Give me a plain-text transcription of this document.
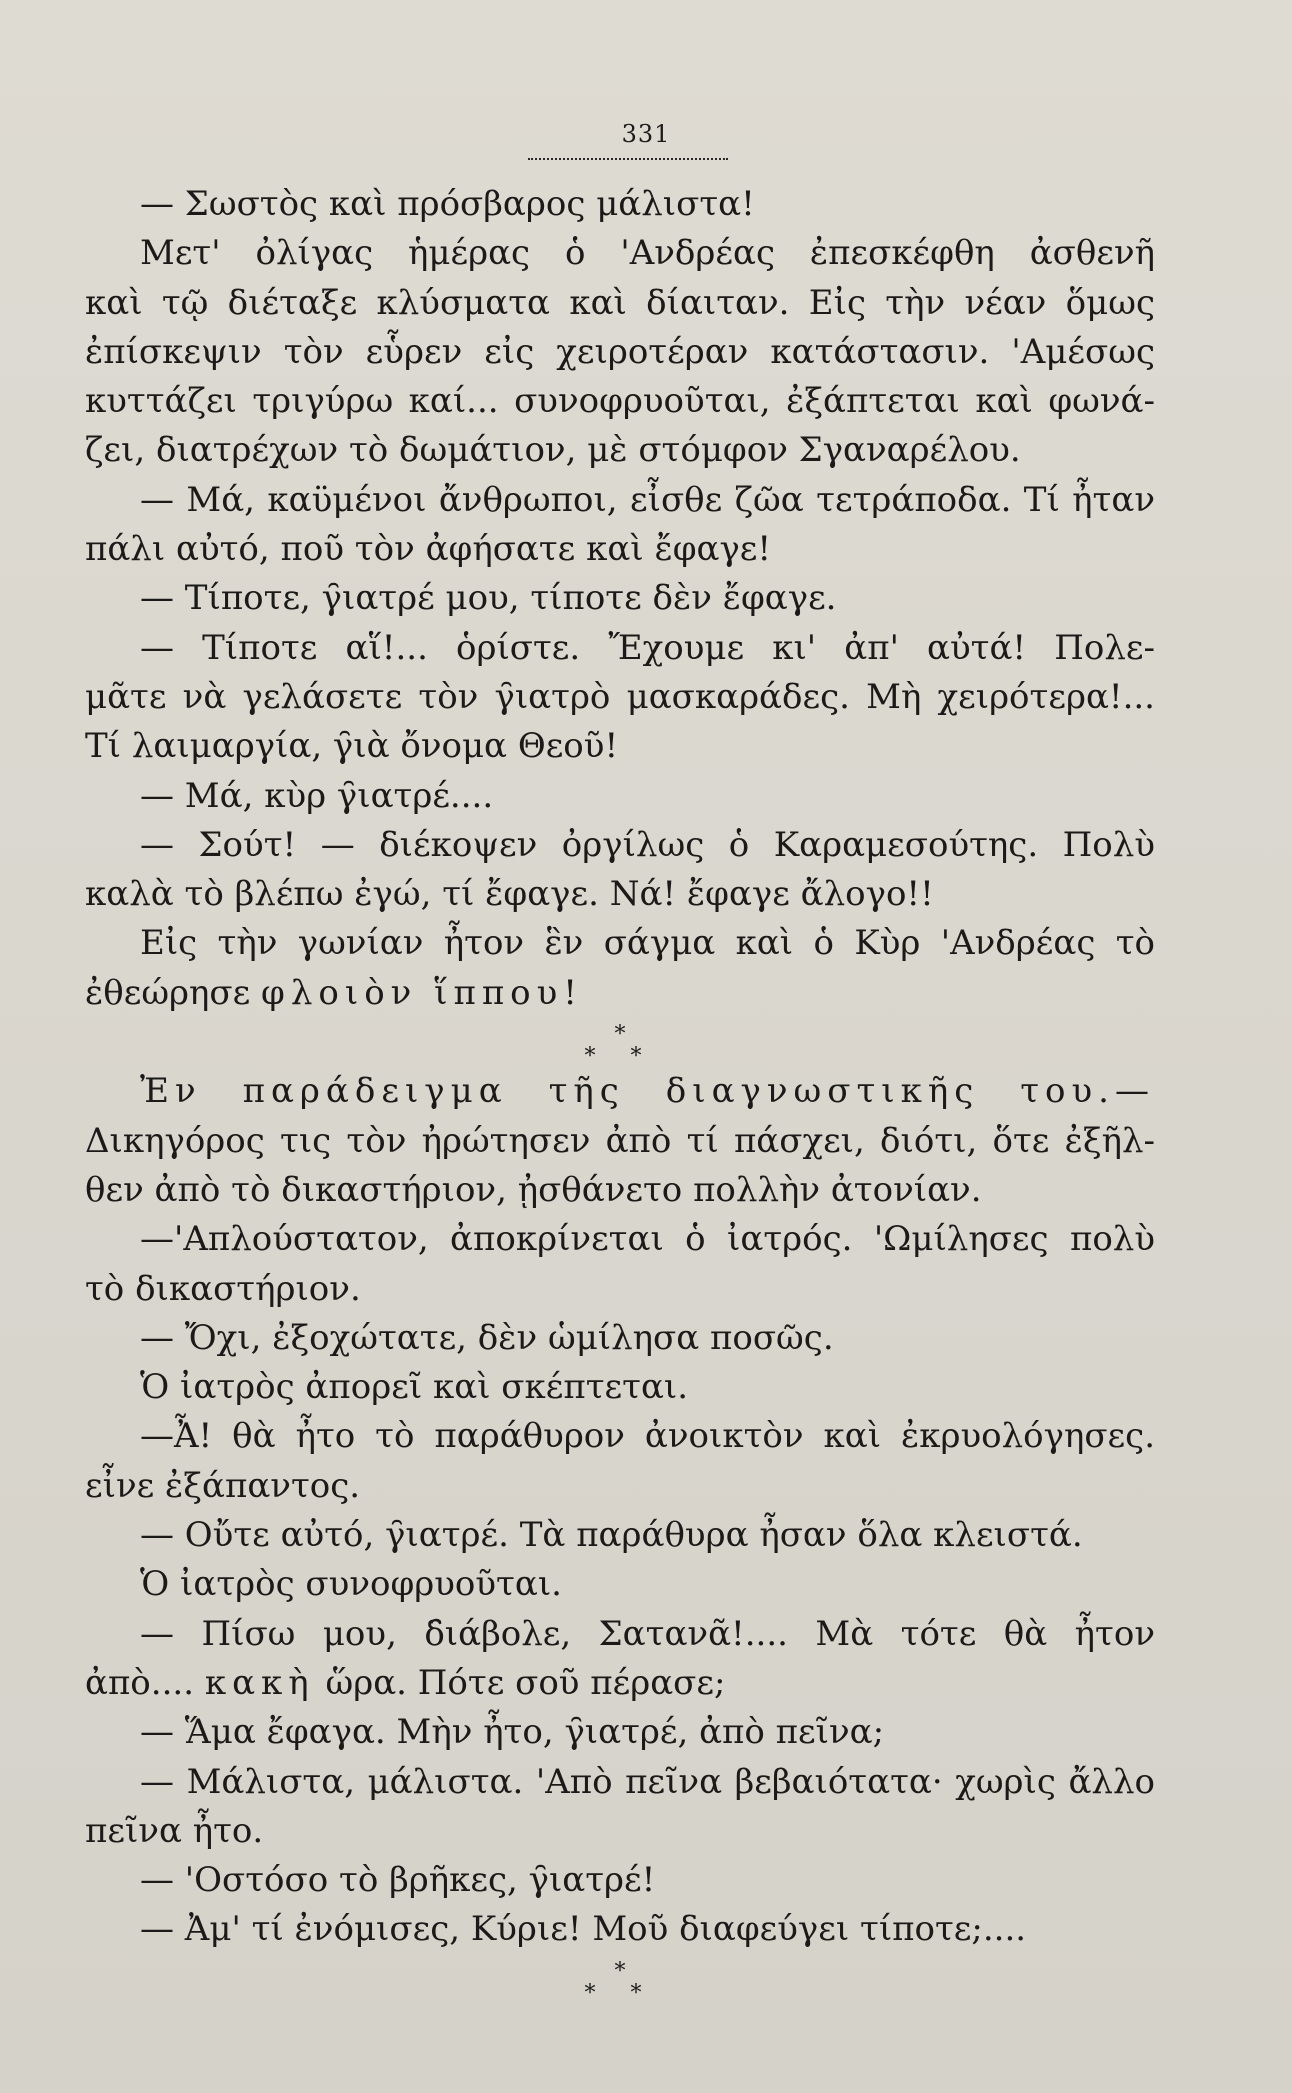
331
— Σωστὸς καὶ πρόσβαρος μάλιστα!
Μετ' ὀλίγας ἡμέρας ὁ 'Ανδρέας ἐπεσκέφθη ἀσθενῆ
καὶ τῷ διέταξε κλύσματα καὶ δίαιταν. Εἰς τὴν νέαν ὅμως
ἐπίσκεψιν τὸν εὗρεν εἰς χειροτέραν κατάστασιν. 'Αμέσως
κυττάζει τριγύρω καί... συνοφρυοῦται, ἐξάπτεται καὶ φωνά-
ζει, διατρέχων τὸ δωμάτιον, μὲ στόμφον Σγαναρέλου.
— Μά, καϋμένοι ἄνθρωποι, εἶσθε ζῶα τετράποδα. Τί ἦταν
πάλι αὐτό, ποῦ τὸν ἀφήσατε καὶ ἔφαγε!
— Τίποτε, γ̑ιατρέ μου, τίποτε δὲν ἔφαγε.
— Τίποτε αἵ!... ὁρίστε. Ἔχουμε κι' ἀπ' αὐτά! Πολε-
μᾶτε νὰ γελάσετε τὸν γ̑ιατρὸ μασκαράδες. Μὴ χειρότερα!...
Τί λαιμαργία, γ̑ιὰ ὄνομα Θεοῦ!
— Μά, κὺρ γ̑ιατρέ....
— Σούτ! — διέκοψεν ὀργίλως ὁ Καραμεσούτης. Πολὺ
καλὰ τὸ βλέπω ἐγώ, τί ἔφαγε. Νά! ἔφαγε ἄλογο!!
Εἰς τὴν γωνίαν ἦτον ἓν σάγμα καὶ ὁ Κὺρ 'Ανδρέας τὸ
ἐθεώρησε φλοιὸν ἵππου!
*
* *
Ἐν παράδειγμα τῆς διαγνωστικῆς του.—
Δικηγόρος τις τὸν ἠρώτησεν ἀπὸ τί πάσχει, διότι, ὅτε ἐξῆλ-
θεν ἀπὸ τὸ δικαστήριον, ᾐσθάνετο πολλὴν ἀτονίαν.
—'Απλούστατον, ἀποκρίνεται ὁ ἰατρός. 'Ωμίλησες πολὺ
τὸ δικαστήριον.
— Ὄχι, ἐξοχώτατε, δὲν ὡμίλησα ποσῶς.
Ὁ ἰατρὸς ἀπορεῖ καὶ σκέπτεται.
—Ἆ! θὰ ἦτο τὸ παράθυρον ἀνοικτὸν καὶ ἐκρυολόγησες.
εἶνε ἐξάπαντος.
— Οὔτε αὐτό, γ̑ιατρέ. Τὰ παράθυρα ἦσαν ὅλα κλειστά.
Ὁ ἰατρὸς συνοφρυοῦται.
— Πίσω μου, δ̑ιάβολε, Σατανᾶ!.... Μὰ τότε θὰ ἦτον
ἀπὸ.... κακὴ ὥρα. Πότε σοῦ πέρασε;
— Ἅμα ἔφαγα. Μὴν ἦτο, γ̑ιατρέ, ἀπὸ πεῖνα;
— Μάλιστα, μάλιστα. 'Απὸ πεῖνα βεβαιότατα· χωρὶς ἄλλο
πεῖνα ἦτο.
— 'Οστόσο τὸ βρῆκες, γ̑ιατρέ!
— Ἀμ' τί ἐνόμισες, Κύριε! Μοῦ διαφεύγει τίποτε;....
*
* *
